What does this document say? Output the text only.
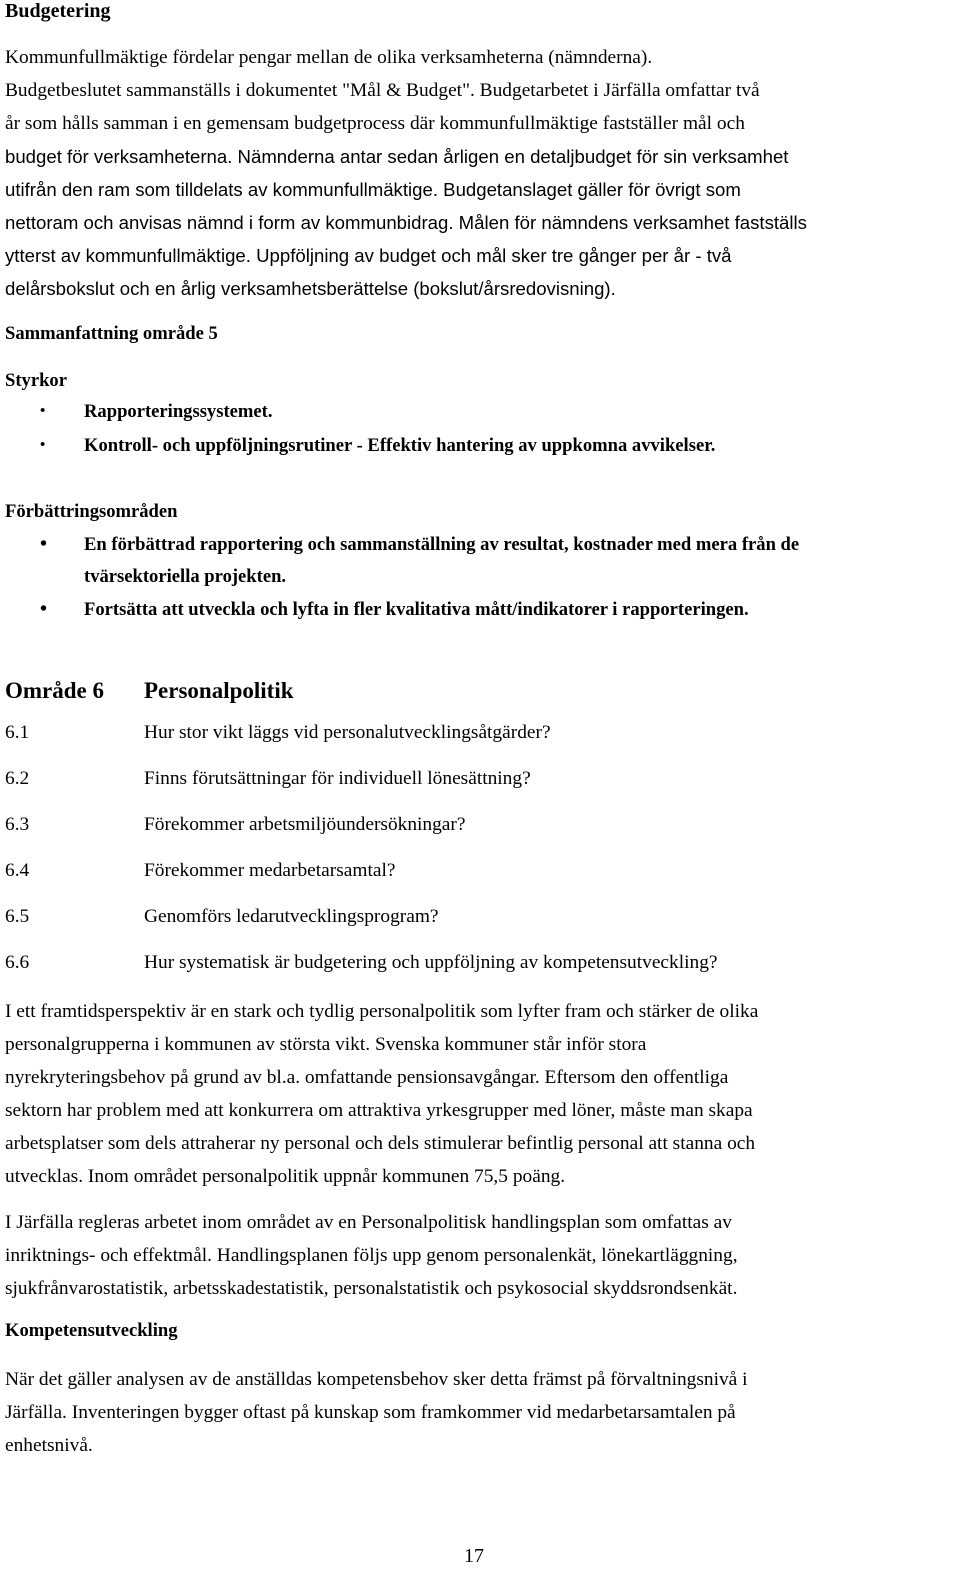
Budgetering
Kommunfullmäktige fördelar pengar mellan de olika verksamheterna (nämnderna).
Budgetbeslutet sammanställs i dokumentet "Mål & Budget". Budgetarbetet i Järfälla omfattar två
år som hålls samman i en gemensam budgetprocess där kommunfullmäktige fastställer mål och
budget för verksamheterna. Nämnderna antar sedan årligen en detaljbudget för sin verksamhet
utifrån den ram som tilldelats av kommunfullmäktige. Budgetanslaget gäller för övrigt som
nettoram och anvisas nämnd i form av kommunbidrag. Målen för nämndens verksamhet fastställs
ytterst av kommunfullmäktige. Uppföljning av budget och mål sker tre gånger per år - två
delårsbokslut och en årlig verksamhetsberättelse (bokslut/årsredovisning).
Sammanfattning område 5
Styrkor
• Rapporteringssystemet.
• Kontroll- och uppföljningsrutiner - Effektiv hantering av uppkomna avvikelser.
Förbättringsområden
• En förbättrad rapportering och sammanställning av resultat, kostnader med mera från de
tvärsektoriella projekten.
• Fortsätta att utveckla och lyfta in fler kvalitativa mått/indikatorer i rapporteringen.
Område 6 Personalpolitik
6.1	Hur stor vikt läggs vid personalutvecklingsåtgärder?
6.2	Finns förutsättningar för individuell lönesättning?
6.3	Förekommer arbetsmiljöundersökningar?
6.4	Förekommer medarbetarsamtal?
6.5	Genomförs ledarutvecklingsprogram?
6.6	Hur systematisk är budgetering och uppföljning av kompetensutveckling?
I ett framtidsperspektiv är en stark och tydlig personalpolitik som lyfter fram och stärker de olika
personalgrupperna i kommunen av största vikt. Svenska kommuner står inför stora
nyrekryteringsbehov på grund av bl.a. omfattande pensionsavgångar. Eftersom den offentliga
sektorn har problem med att konkurrera om attraktiva yrkesgrupper med löner, måste man skapa
arbetsplatser som dels attraherar ny personal och dels stimulerar befintlig personal att stanna och
utvecklas. Inom området personalpolitik uppnår kommunen 75,5 poäng.
I Järfälla regleras arbetet inom området av en Personalpolitisk handlingsplan som omfattas av
inriktnings- och effektmål. Handlingsplanen följs upp genom personalenkät, lönekartläggning,
sjukfrånvarostatistik, arbetsskadestatistik, personalstatistik och psykosocial skyddsrondsenkät.
Kompetensutveckling
När det gäller analysen av de anställdas kompetensbehov sker detta främst på förvaltningsnivå i
Järfälla. Inventeringen bygger oftast på kunskap som framkommer vid medarbetarsamtalen på
enhetsnivå.
17
